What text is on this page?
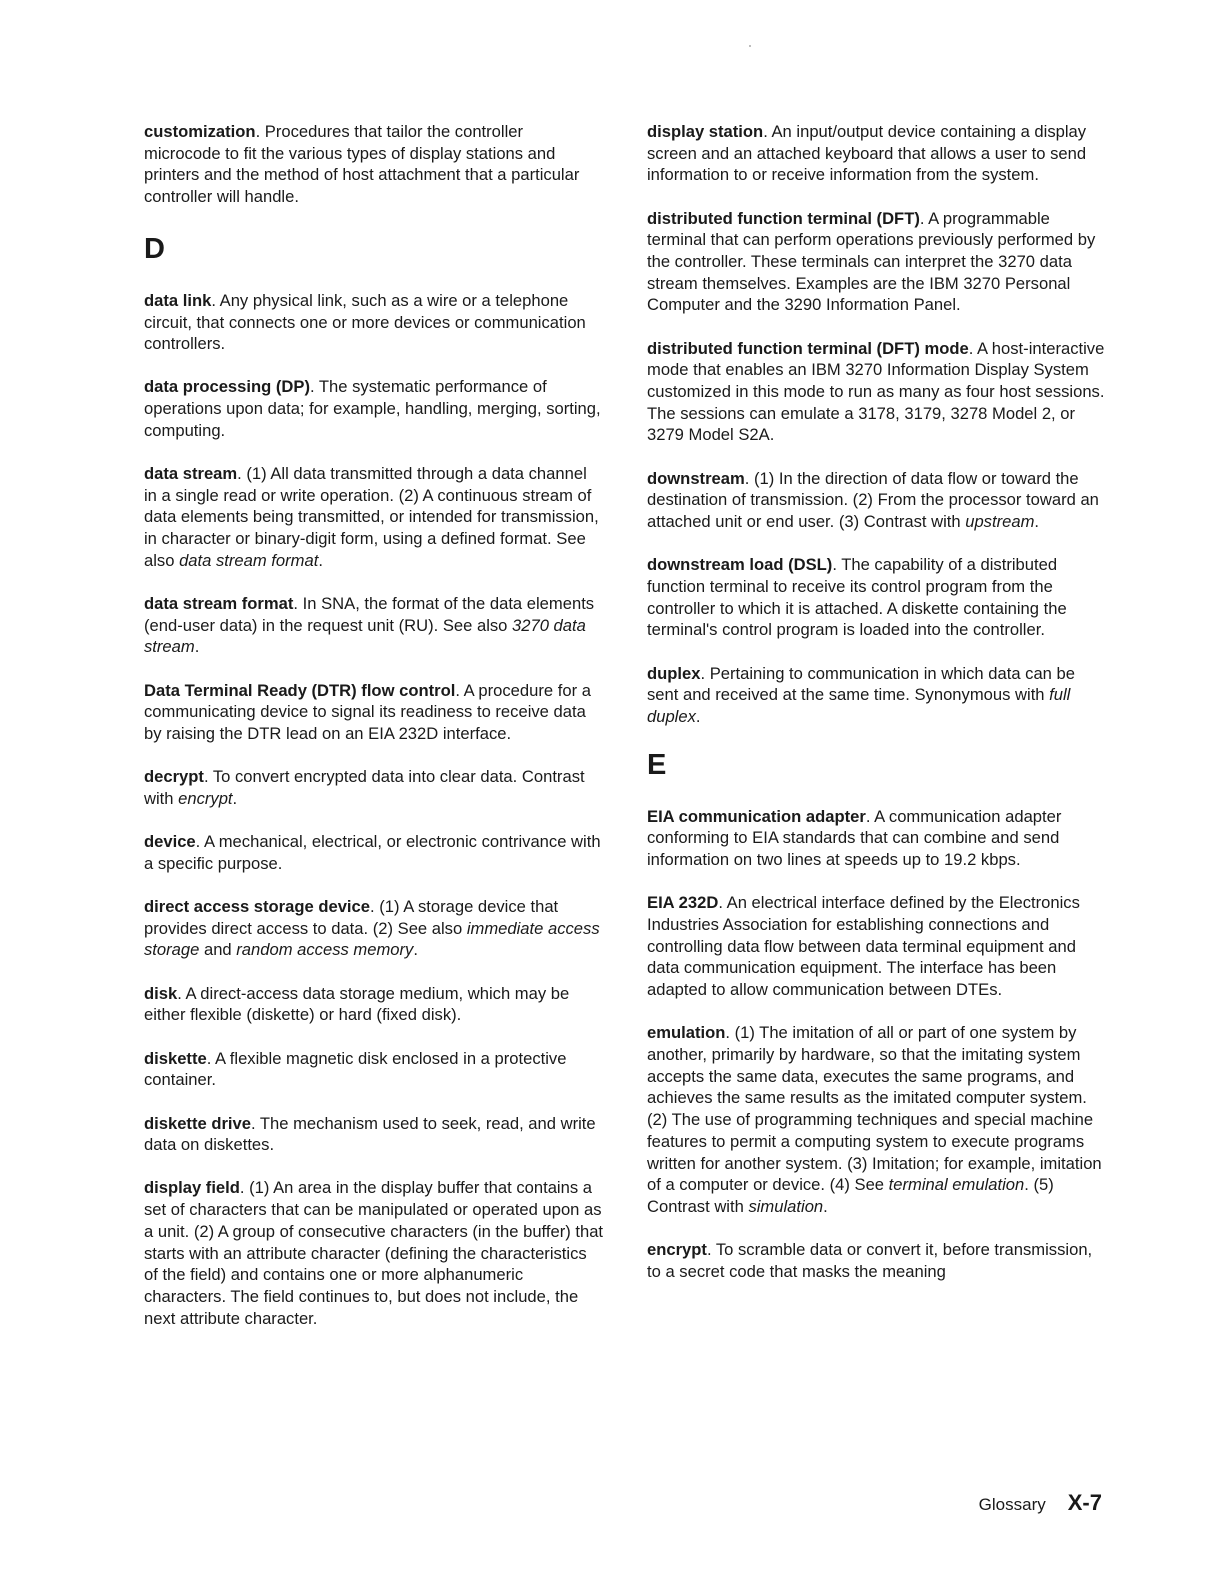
customization. Procedures that tailor the controller microcode to fit the various types of display stations and printers and the method of host attachment that a particular controller will handle.

D

data link. Any physical link, such as a wire or a telephone circuit, that connects one or more devices or communication controllers.

data processing (DP). The systematic performance of operations upon data; for example, handling, merging, sorting, computing.

data stream. (1) All data transmitted through a data channel in a single read or write operation. (2) A continuous stream of data elements being transmitted, or intended for transmission, in character or binary-digit form, using a defined format. See also data stream format.

data stream format. In SNA, the format of the data elements (end-user data) in the request unit (RU). See also 3270 data stream.

Data Terminal Ready (DTR) flow control. A procedure for a communicating device to signal its readiness to receive data by raising the DTR lead on an EIA 232D interface.

decrypt. To convert encrypted data into clear data. Contrast with encrypt.

device. A mechanical, electrical, or electronic contrivance with a specific purpose.

direct access storage device. (1) A storage device that provides direct access to data. (2) See also immediate access storage and random access memory.

disk. A direct-access data storage medium, which may be either flexible (diskette) or hard (fixed disk).

diskette. A flexible magnetic disk enclosed in a protective container.

diskette drive. The mechanism used to seek, read, and write data on diskettes.

display field. (1) An area in the display buffer that contains a set of characters that can be manipulated or operated upon as a unit. (2) A group of consecutive characters (in the buffer) that starts with an attribute character (defining the characteristics of the field) and contains one or more alphanumeric characters. The field continues to, but does not include, the next attribute character.

display station. An input/output device containing a display screen and an attached keyboard that allows a user to send information to or receive information from the system.

distributed function terminal (DFT). A programmable terminal that can perform operations previously performed by the controller. These terminals can interpret the 3270 data stream themselves. Examples are the IBM 3270 Personal Computer and the 3290 Information Panel.

distributed function terminal (DFT) mode. A host-interactive mode that enables an IBM 3270 Information Display System customized in this mode to run as many as four host sessions. The sessions can emulate a 3178, 3179, 3278 Model 2, or 3279 Model S2A.

downstream. (1) In the direction of data flow or toward the destination of transmission. (2) From the processor toward an attached unit or end user. (3) Contrast with upstream.

downstream load (DSL). The capability of a distributed function terminal to receive its control program from the controller to which it is attached. A diskette containing the terminal's control program is loaded into the controller.

duplex. Pertaining to communication in which data can be sent and received at the same time. Synonymous with full duplex.

E

EIA communication adapter. A communication adapter conforming to EIA standards that can combine and send information on two lines at speeds up to 19.2 kbps.

EIA 232D. An electrical interface defined by the Electronics Industries Association for establishing connections and controlling data flow between data terminal equipment and data communication equipment. The interface has been adapted to allow communication between DTEs.

emulation. (1) The imitation of all or part of one system by another, primarily by hardware, so that the imitating system accepts the same data, executes the same programs, and achieves the same results as the imitated computer system. (2) The use of programming techniques and special machine features to permit a computing system to execute programs written for another system. (3) Imitation; for example, imitation of a computer or device. (4) See terminal emulation. (5) Contrast with simulation.

encrypt. To scramble data or convert it, before transmission, to a secret code that masks the meaning

Glossary X-7
